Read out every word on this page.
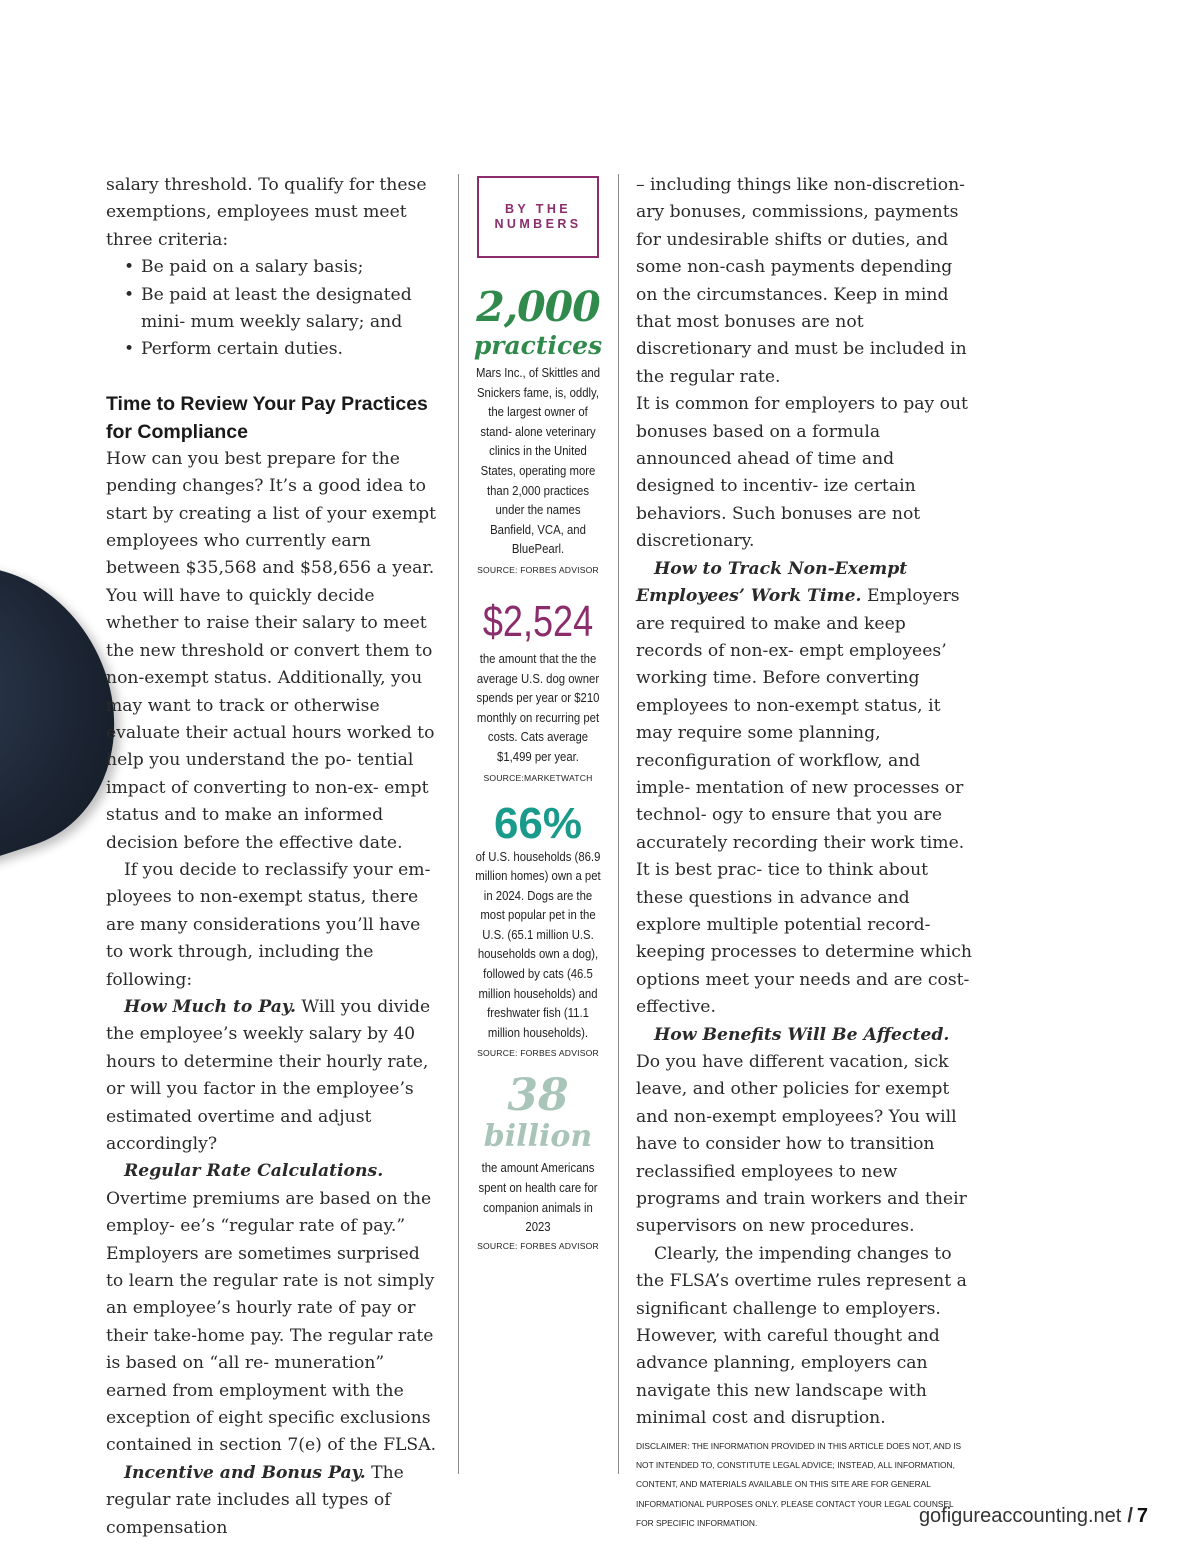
salary threshold. To qualify for these exemptions, employees must meet three criteria:

• Be paid on a salary basis;
• Be paid at least the designated mini- mum weekly salary; and
• Perform certain duties.
Time to Review Your Pay Practices for Compliance

How can you best prepare for the pending changes? It’s a good idea to start by creating a list of your exempt employees who currently earn between $35,568 and $58,656 a year. You will have to quickly decide whether to raise their salary to meet the new threshold or convert them to non-exempt status. Additionally, you may want to track or otherwise evaluate their actual hours worked to help you understand the po- tential impact of converting to non-ex- empt status and to make an informed decision before the effective date.

If you decide to reclassify your em- ployees to non-exempt status, there are many considerations you’ll have to work through, including the following:

How Much to Pay. Will you divide the employee’s weekly salary by 40 hours to determine their hourly rate, or will you factor in the employee’s estimated overtime and adjust accordingly?

Regular Rate Calculations. Overtime premiums are based on the employ- ee’s “regular rate of pay.” Employers are sometimes surprised to learn the regular rate is not simply an employee’s hourly rate of pay or their take-home pay. The regular rate is based on “all re- muneration” earned from employment with the exception of eight specific exclusions contained in section 7(e) of the FLSA.

Incentive and Bonus Pay. The regular rate includes all types of compensation

BY THE
NUMBERS
2,000
practices
Mars Inc., of Skittles and Snickers fame, is, oddly, the largest owner of stand- alone veterinary clinics in the United States, operating more than 2,000 practices under the names Banfield, VCA, and BluePearl.
SOURCE: FORBES ADVISOR
$2,524
the amount that the the average U.S. dog owner spends per year or $210 monthly on recurring pet costs. Cats average $1,499 per year.
SOURCE:MARKETWATCH
66%
of U.S. households (86.9 million homes) own a pet in 2024. Dogs are the most popular pet in the U.S. (65.1 million U.S. households own a dog), followed by cats (46.5 million households) and freshwater fish (11.1 million households).
SOURCE: FORBES ADVISOR
38
billion
the amount Americans spent on health care for companion animals in 2023
SOURCE: FORBES ADVISOR

– including things like non-discretion- ary bonuses, commissions, payments for undesirable shifts or duties, and some non-cash payments depending on the circumstances. Keep in mind that most bonuses are not discretionary and must be included in the regular rate.

It is common for employers to pay out bonuses based on a formula announced ahead of time and designed to incentiv- ize certain behaviors. Such bonuses are not discretionary.

How to Track Non-Exempt Employees’ Work Time. Employers are required to make and keep records of non-ex- empt employees’ working time. Before converting employees to non-exempt status, it may require some planning, reconfiguration of workflow, and imple- mentation of new processes or technol- ogy to ensure that you are accurately recording their work time. It is best prac- tice to think about these questions in advance and explore multiple potential record-keeping processes to determine which options meet your needs and are cost-effective.

How Benefits Will Be Affected. Do you have different vacation, sick leave, and other policies for exempt and non-exempt employees? You will have to consider how to transition reclassified employees to new programs and train workers and their supervisors on new procedures.

Clearly, the impending changes to the FLSA’s overtime rules represent a significant challenge to employers. However, with careful thought and advance planning, employers can navigate this new landscape with minimal cost and disruption.

DISCLAIMER: THE INFORMATION PROVIDED IN THIS ARTICLE DOES NOT, AND IS NOT INTENDED TO, CONSTITUTE LEGAL ADVICE; INSTEAD, ALL INFORMATION, CONTENT, AND MATERIALS AVAILABLE ON THIS SITE ARE FOR GENERAL INFORMATIONAL PURPOSES ONLY. PLEASE CONTACT YOUR LEGAL COUNSEL FOR SPECIFIC INFORMATION.	gofigureaccounting.net / 7
